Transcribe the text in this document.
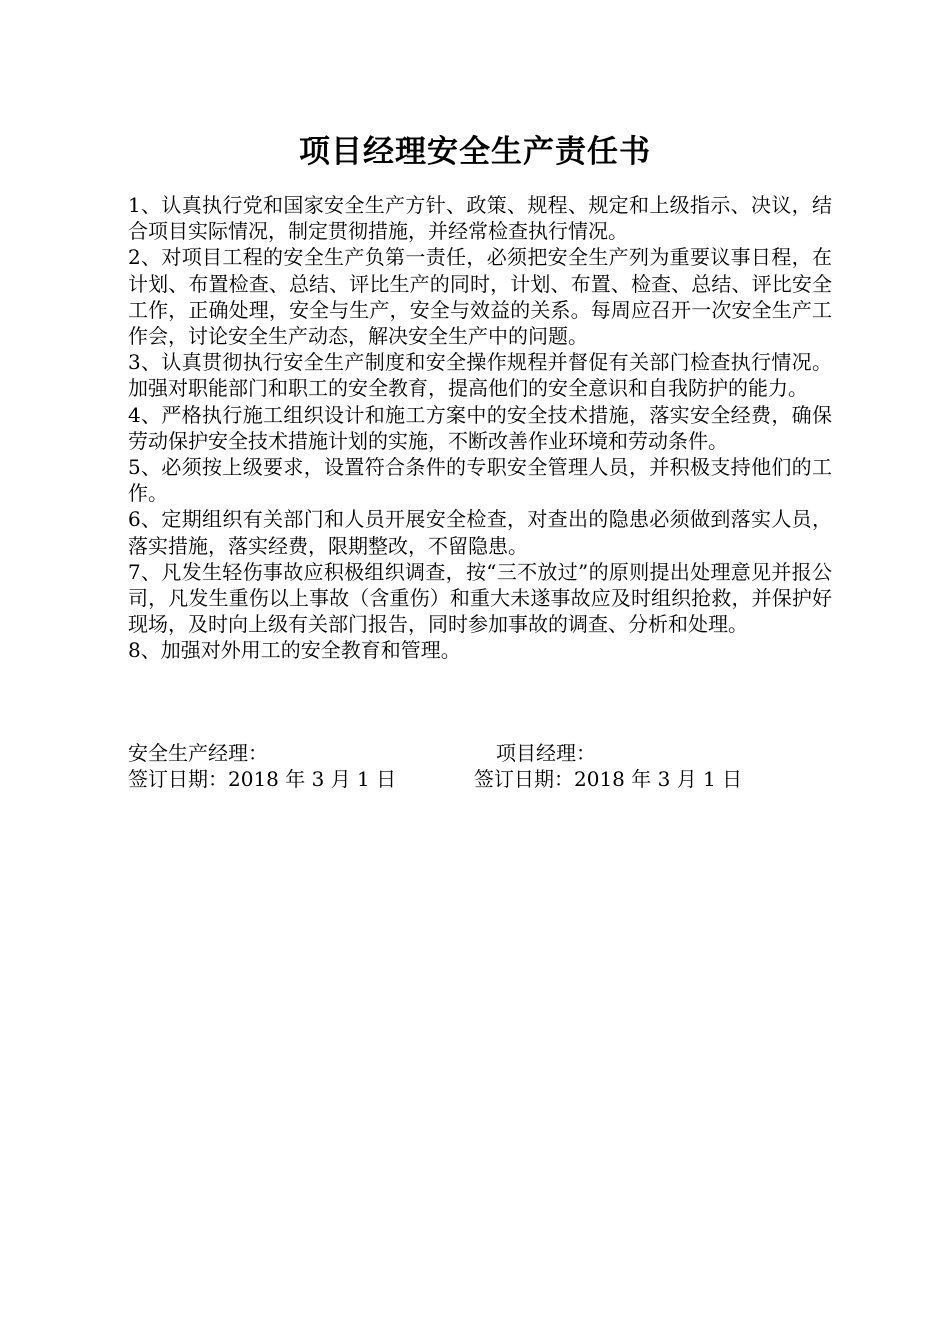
项目经理安全生产责任书

1、认真执行党和国家安全生产方针、政策、规程、规定和上级指示、决议，结合项目实际情况，制定贯彻措施，并经常检查执行情况。

2、对项目工程的安全生产负第一责任，必须把安全生产列为重要议事日程，在计划、布置检查、总结、评比生产的同时，计划、布置、检查、总结、评比安全工作，正确处理，安全与生产，安全与效益的关系。每周应召开一次安全生产工作会，讨论安全生产动态，解决安全生产中的问题。

3、认真贯彻执行安全生产制度和安全操作规程并督促有关部门检查执行情况。加强对职能部门和职工的安全教育，提高他们的安全意识和自我防护的能力。

4、严格执行施工组织设计和施工方案中的安全技术措施，落实安全经费，确保劳动保护安全技术措施计划的实施，不断改善作业环境和劳动条件。

5、必须按上级要求，设置符合条件的专职安全管理人员，并积极支持他们的工作。

6、定期组织有关部门和人员开展安全检查，对查出的隐患必须做到落实人员，落实措施，落实经费，限期整改，不留隐患。

7、凡发生轻伤事故应积极组织调查，按“三不放过”的原则提出处理意见并报公司，凡发生重伤以上事故（含重伤）和重大未遂事故应及时组织抢救，并保护好现场，及时向上级有关部门报告，同时参加事故的调查、分析和处理。

8、加强对外用工的安全教育和管理。

安全生产经理：	项目经理：
签订日期：2018 年 3 月 1 日	签订日期：2018 年 3 月 1 日
